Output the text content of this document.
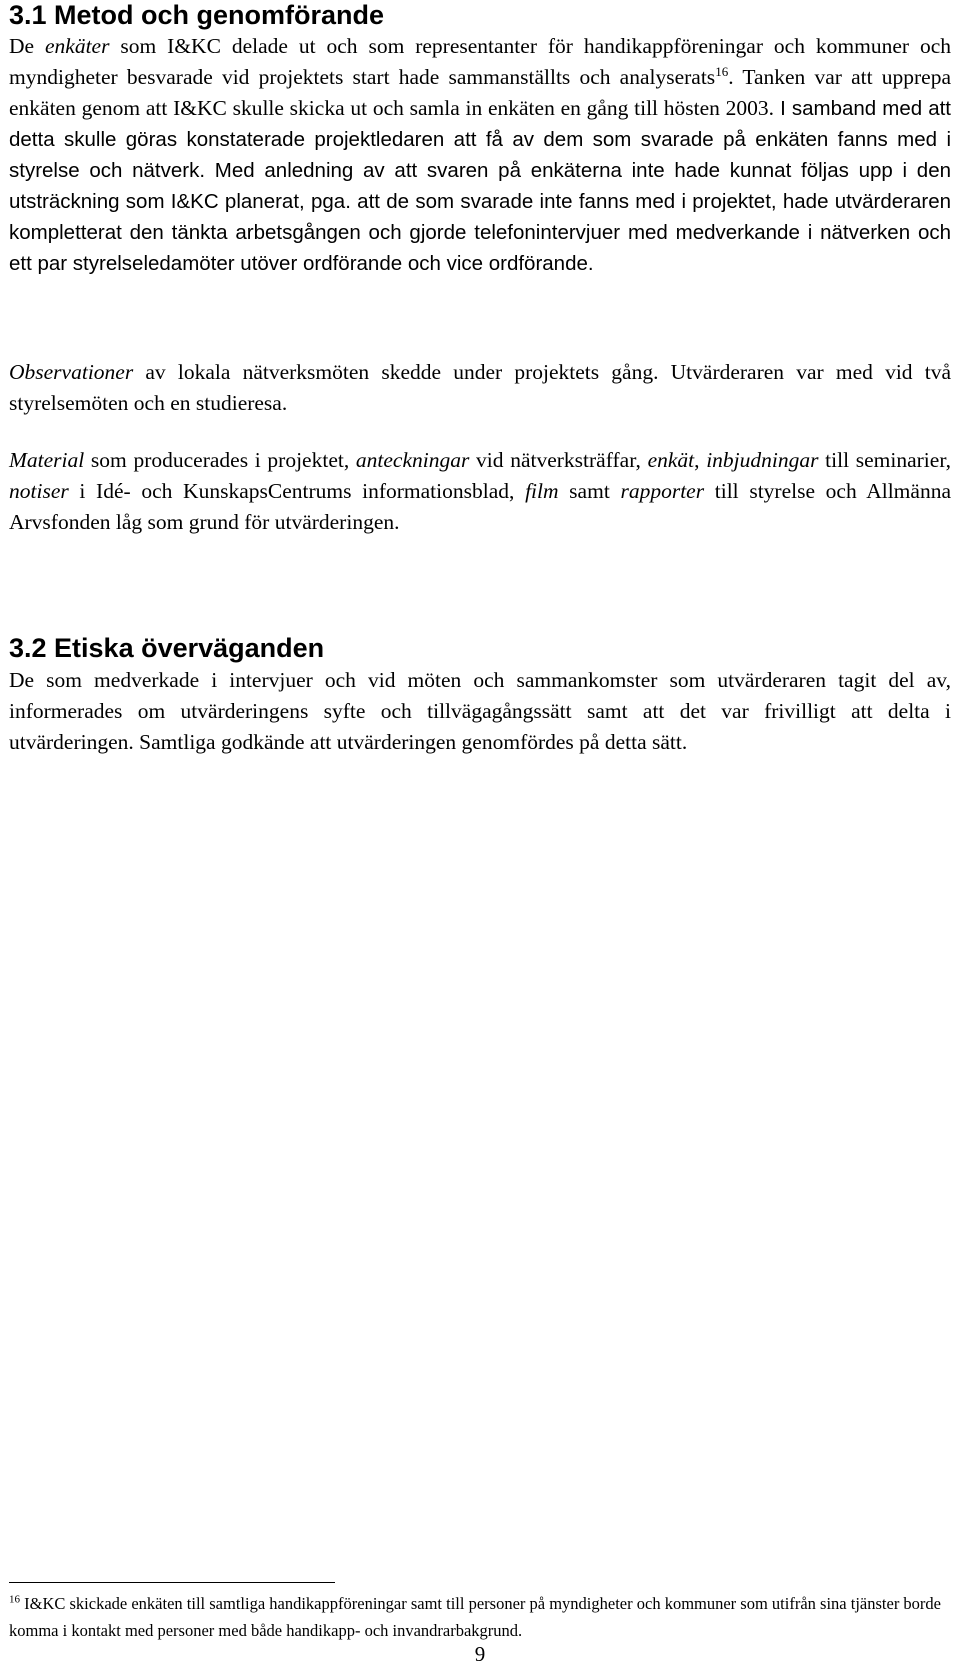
3.1 Metod och genomförande

De enkäter som I&KC delade ut och som representanter för handikappföreningar och kommuner och myndigheter besvarade vid projektets start hade sammanställts och analyserats$^{16}$. Tanken var att upprepa enkäten genom att I&KC skulle skicka ut och samla in enkäten en gång till hösten 2003. I samband med att detta skulle göras konstaterade projektledaren att få av dem som svarade på enkäten fanns med i styrelse och nätverk. Med anledning av att svaren på enkäterna inte hade kunnat följas upp i den utsträckning som I&KC planerat, pga. att de som svarade inte fanns med i projektet, hade utvärderaren kompletterat den tänkta arbetsgången och gjorde telefonintervjuer med medverkande i nätverken och ett par styrelseledamöter utöver ordförande och vice ordförande.

Observationer av lokala nätverksmöten skedde under projektets gång. Utvärderaren var med vid två styrelsemöten och en studieresa.

Material som producerades i projektet, anteckningar vid nätverksträffar, enkät, inbjudningar till seminarier, notiser i Idé- och KunskapsCentrums informationsblad, film samt rapporter till styrelse och Allmänna Arvsfonden låg som grund för utvärderingen.

3.2 Etiska överväganden

De som medverkade i intervjuer och vid möten och sammankomster som utvärderaren tagit del av, informerades om utvärderingens syfte och tillvägagångssätt samt att det var frivilligt att delta i utvärderingen. Samtliga godkände att utvärderingen genomfördes på detta sätt.

$^{16}$ I&KC skickade enkäten till samtliga handikappföreningar samt till personer på myndigheter och kommuner som utifrån sina tjänster borde komma i kontakt med personer med både handikapp- och invandrarbakgrund.

9
